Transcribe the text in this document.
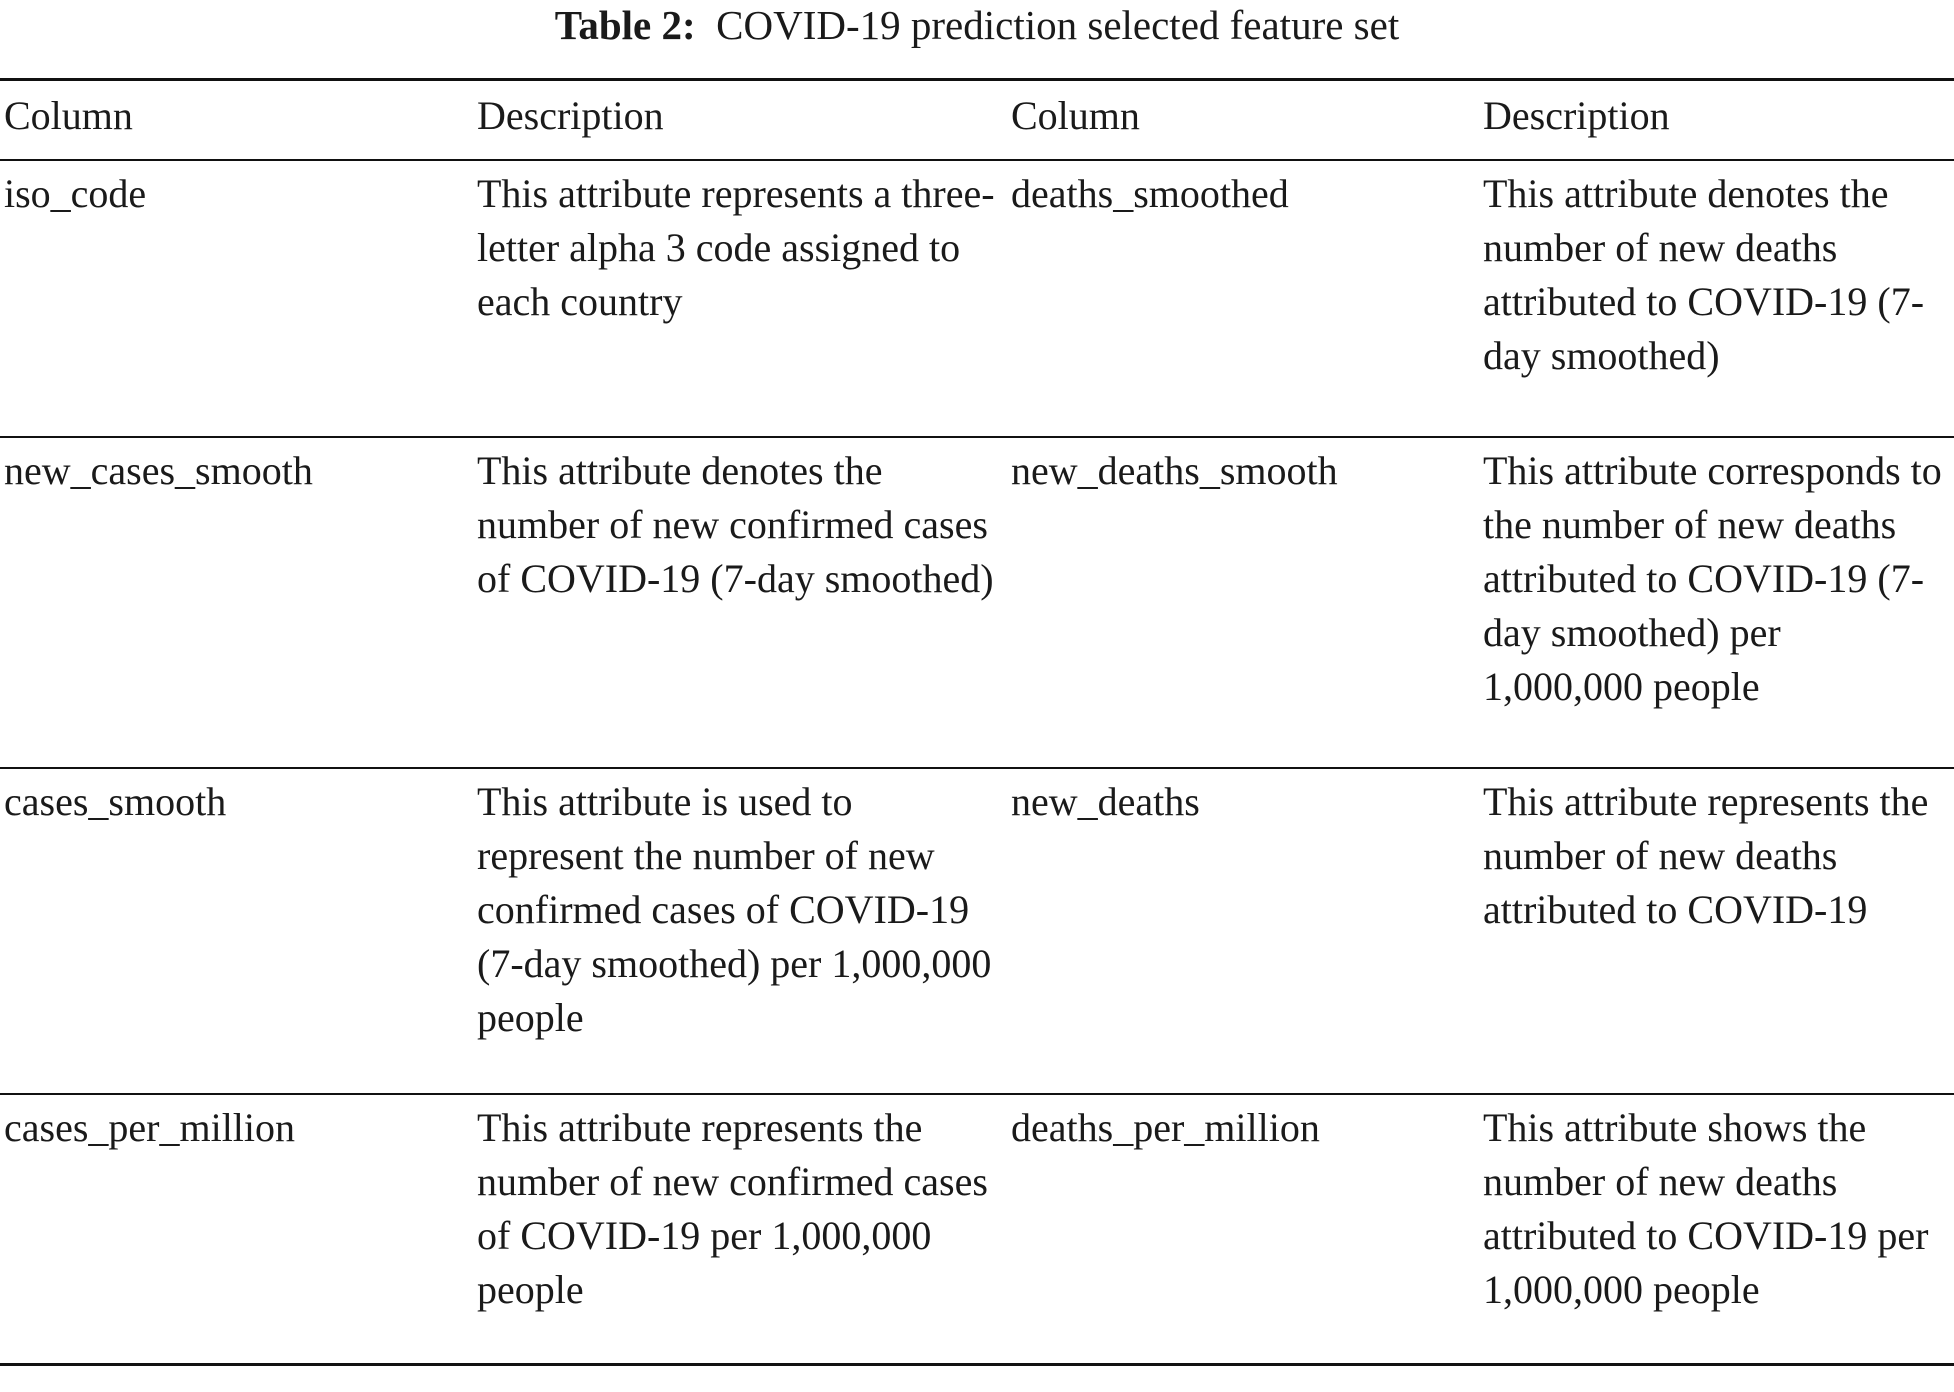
Table 2: COVID-19 prediction selected feature set
Column	Description	Column	Description
iso_code	This attribute represents a three-letter alpha 3 code assigned to each country	deaths_smoothed	This attribute denotes the number of new deaths attributed to COVID-19 (7-day smoothed)
new_cases_smooth	This attribute denotes the number of new confirmed cases of COVID-19 (7-day smoothed)	new_deaths_smooth	This attribute corresponds to the number of new deaths attributed to COVID-19 (7-day smoothed) per 1,000,000 people
cases_smooth	This attribute is used to represent the number of new confirmed cases of COVID-19 (7-day smoothed) per 1,000,000 people	new_deaths	This attribute represents the number of new deaths attributed to COVID-19
cases_per_million	This attribute represents the number of new confirmed cases of COVID-19 per 1,000,000 people	deaths_per_million	This attribute shows the number of new deaths attributed to COVID-19 per 1,000,000 people
